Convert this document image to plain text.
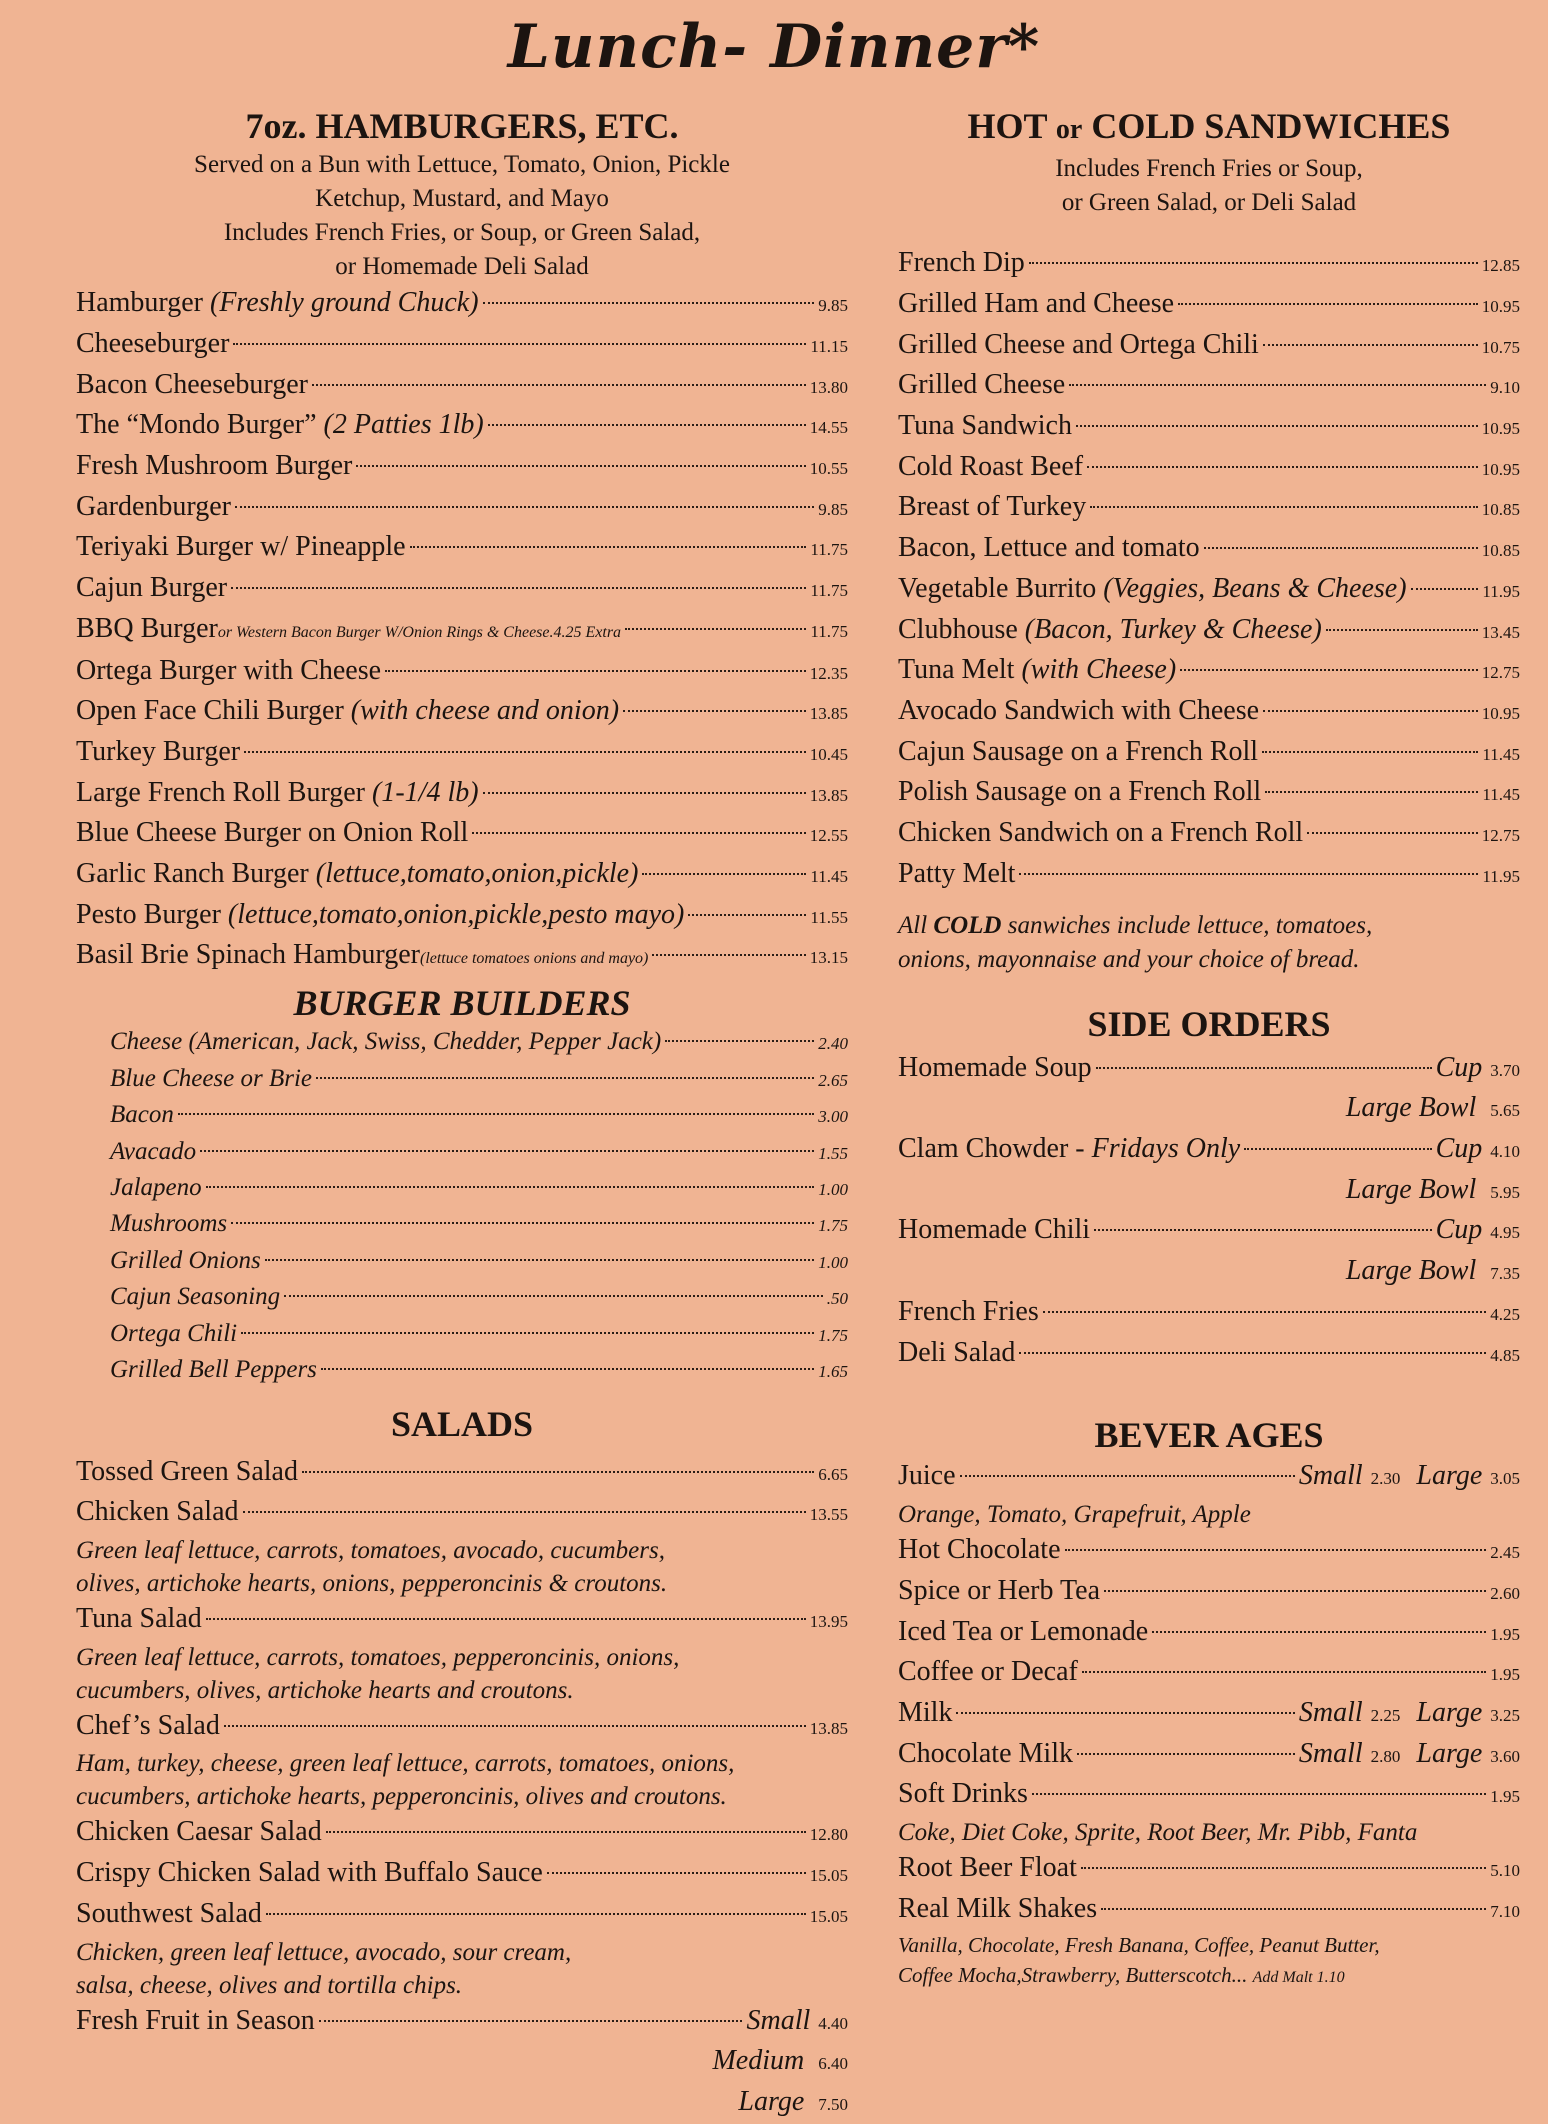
Lunch- Dinner*
7oz. HAMBURGERS, ETC.
Served on a Bun with Lettuce, Tomato, Onion, Pickle
Ketchup, Mustard, and Mayo
Includes French Fries, or Soup, or Green Salad,
or Homemade Deli Salad
Hamburger (Freshly ground Chuck)	9.85
Cheeseburger	11.15
Bacon Cheeseburger	13.80
The “Mondo Burger” (2 Patties 1lb)	14.55
Fresh Mushroom Burger	10.55
Gardenburger	9.85
Teriyaki Burger w/ Pineapple	11.75
Cajun Burger	11.75
BBQ Burgeror Western Bacon Burger W/Onion Rings & Cheese.4.25 Extra	11.75
Ortega Burger with Cheese	12.35
Open Face Chili Burger (with cheese and onion)	13.85
Turkey Burger	10.45
Large French Roll Burger (1-1/4 lb)	13.85
Blue Cheese Burger on Onion Roll	12.55
Garlic Ranch Burger (lettuce,tomato,onion,pickle)	11.45
Pesto Burger (lettuce,tomato,onion,pickle,pesto mayo)	11.55
Basil Brie Spinach Hamburger(lettuce tomatoes onions and mayo)	13.15
BURGER BUILDERS
Cheese (American, Jack, Swiss, Chedder, Pepper Jack)	2.40
Blue Cheese or Brie	2.65
Bacon	3.00
Avacado	1.55
Jalapeno	1.00
Mushrooms	1.75
Grilled Onions	1.00
Cajun Seasoning	.50
Ortega Chili	1.75
Grilled Bell Peppers	1.65
SALADS
Tossed Green Salad	6.65
Chicken Salad	13.55
Green leaf lettuce, carrots, tomatoes, avocado, cucumbers,
olives, artichoke hearts, onions, pepperoncinis & croutons.
Tuna Salad	13.95
Green leaf lettuce, carrots, tomatoes, pepperoncinis, onions,
cucumbers, olives, artichoke hearts and croutons.
Chef’s Salad	13.85
Ham, turkey, cheese, green leaf lettuce, carrots, tomatoes, onions,
cucumbers, artichoke hearts, pepperoncinis, olives and croutons.
Chicken Caesar Salad	12.80
Crispy Chicken Salad with Buffalo Sauce	15.05
Southwest Salad	15.05
Chicken, green leaf lettuce, avocado, sour cream,
salsa, cheese, olives and tortilla chips.
Fresh Fruit in Season	Small 4.40
Medium 6.40
Large 7.50
HOT or COLD SANDWICHES
Includes French Fries or Soup,
or Green Salad, or Deli Salad
French Dip	12.85
Grilled Ham and Cheese	10.95
Grilled Cheese and Ortega Chili	10.75
Grilled Cheese	9.10
Tuna Sandwich	10.95
Cold Roast Beef	10.95
Breast of Turkey	10.85
Bacon, Lettuce and tomato	10.85
Vegetable Burrito (Veggies, Beans & Cheese)	11.95
Clubhouse (Bacon, Turkey & Cheese)	13.45
Tuna Melt (with Cheese)	12.75
Avocado Sandwich with Cheese	10.95
Cajun Sausage on a French Roll	11.45
Polish Sausage on a French Roll	11.45
Chicken Sandwich on a French Roll	12.75
Patty Melt	11.95
All COLD sanwiches include lettuce, tomatoes,
onions, mayonnaise and your choice of bread.
SIDE ORDERS
Homemade Soup	Cup 3.70
Large Bowl 5.65
Clam Chowder - Fridays Only	Cup 4.10
Large Bowl 5.95
Homemade Chili	Cup 4.95
Large Bowl 7.35
French Fries	4.25
Deli Salad	4.85
BEVER AGES
Juice	Small 2.30 Large 3.05
Orange, Tomato, Grapefruit, Apple
Hot Chocolate	2.45
Spice or Herb Tea	2.60
Iced Tea or Lemonade	1.95
Coffee or Decaf	1.95
Milk	Small 2.25 Large 3.25
Chocolate Milk	Small 2.80 Large 3.60
Soft Drinks	1.95
Coke, Diet Coke, Sprite, Root Beer, Mr. Pibb, Fanta
Root Beer Float	5.10
Real Milk Shakes	7.10
Vanilla, Chocolate, Fresh Banana, Coffee, Peanut Butter,
Coffee Mocha,Strawberry, Butterscotch... Add Malt 1.10
